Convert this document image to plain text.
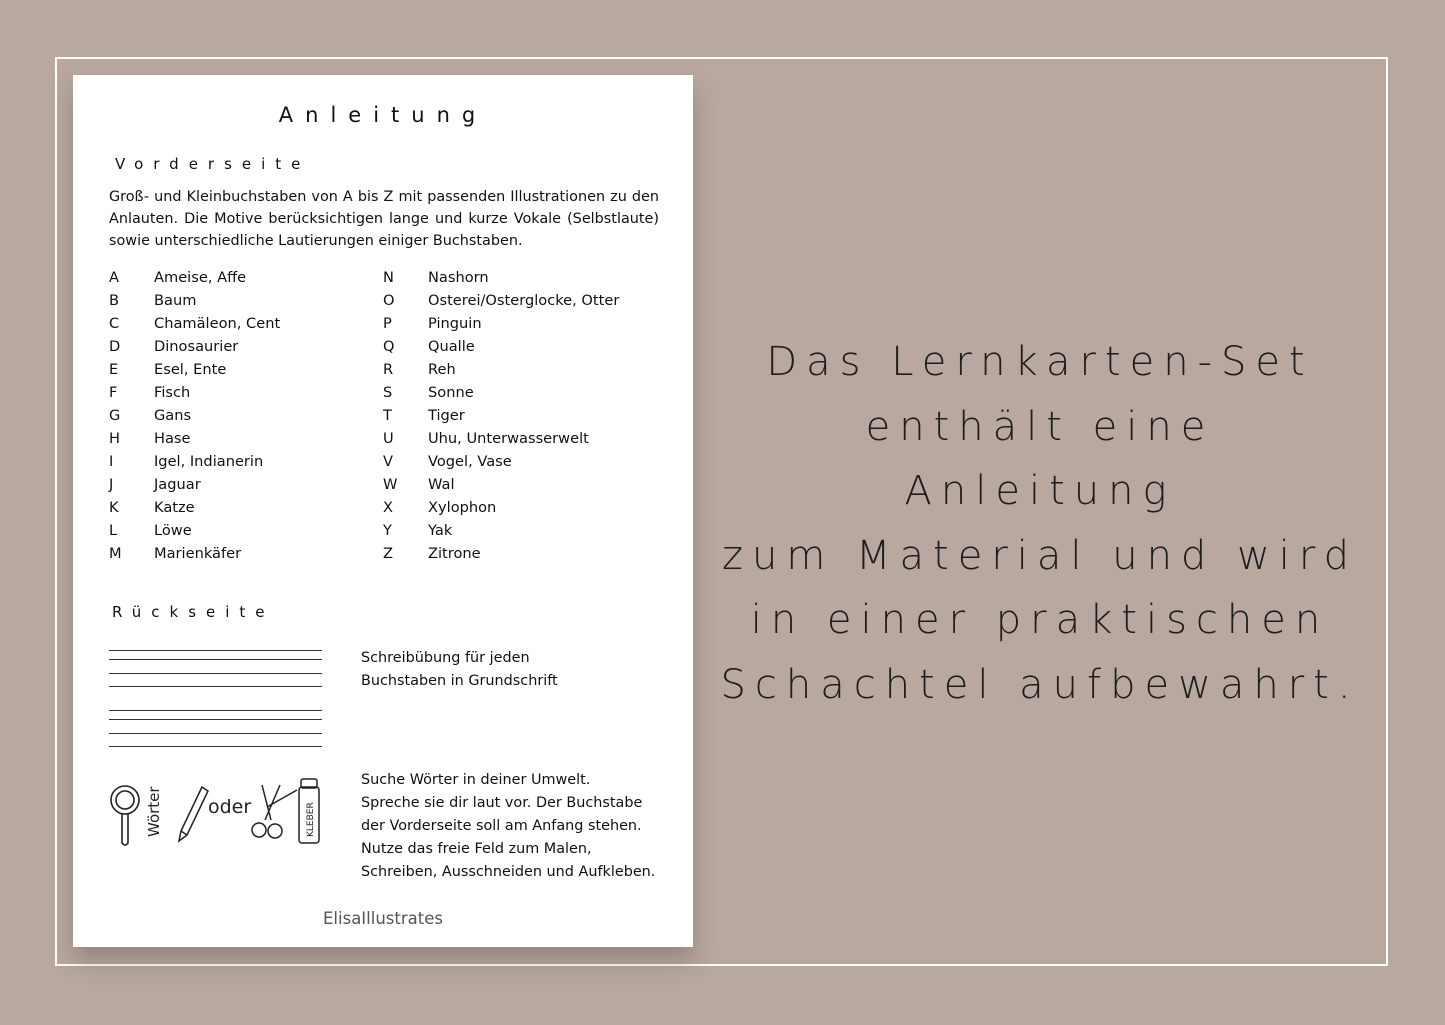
Anleitung
Vorderseite
Groß- und Kleinbuchstaben von A bis Z mit passenden Illustrationen zu den Anlauten. Die Motive berücksichtigen lange und kurze Vokale (Selbstlaute) sowie unterschiedliche Lautierungen einiger Buchstaben.
A Ameise, Affe
B Baum
C Chamäleon, Cent
D Dinosaurier
E Esel, Ente
F	Fisch
G Gans
H Hase
I	Igel, Indianerin
J	Jaguar
K Katze
L	Löwe
M Marienkäfer
N Nashorn
O Osterei/Osterglocke, Otter
P Pinguin
Q Qualle
R Reh
S Sonne
T Tiger
U Uhu, Unterwasserwelt
V Vogel, Vase
W Wal
X Xylophon
Y Yak
Z Zitrone
Rückseite
Schreibübung für jeden
Buchstaben in Grundschrift
Wörter oder	KLEBER
Suche Wörter in deiner Umwelt.
Spreche sie dir laut vor. Der Buchstabe
der Vorderseite soll am Anfang stehen.
Nutze das freie Feld zum Malen,
Schreiben, Ausschneiden und Aufkleben.
ElisaIllustrates
Das Lernkarten-Set
enthält eine Anleitung
zum Material und wird
in einer praktischen
Schachtel aufbewahrt.
